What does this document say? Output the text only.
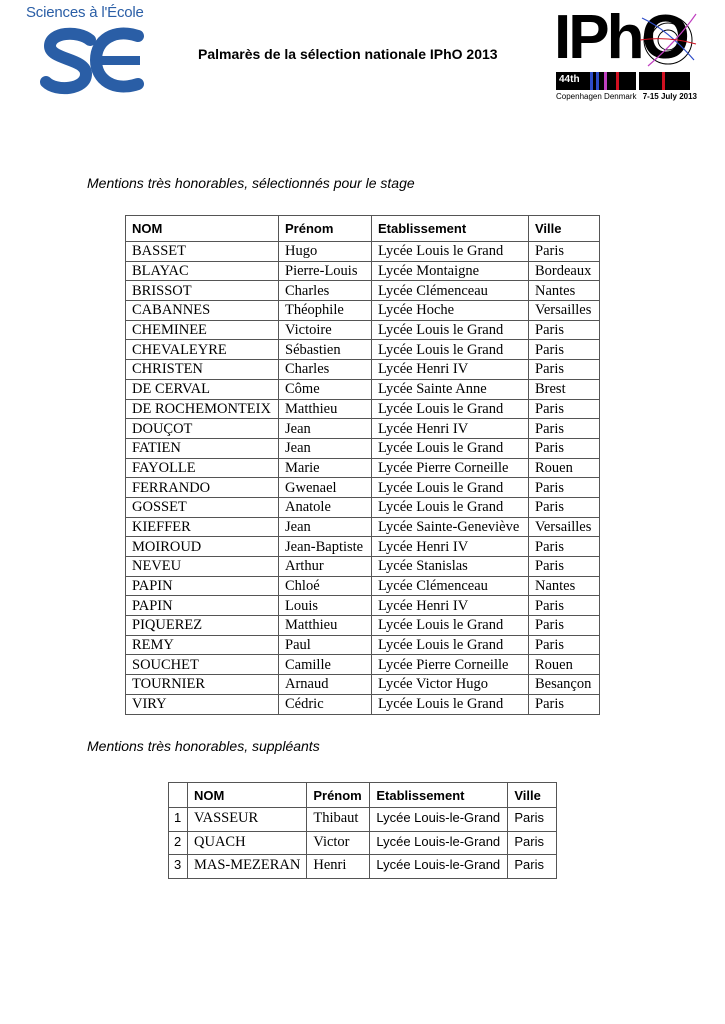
Sciences à l'École
Palmarès de la sélection nationale IPhO 2013 IPhO
44th
Copenhagen Denmark 7-15 July 2013
Mentions très honorables, sélectionnés pour le stage
NOM	Prénom	Etablissement	Ville
BASSET	Hugo	Lycée Louis le Grand	Paris
BLAYAC	Pierre-Louis	Lycée Montaigne	Bordeaux
BRISSOT	Charles	Lycée Clémenceau	Nantes
CABANNES	Théophile	Lycée Hoche	Versailles
CHEMINEE	Victoire	Lycée Louis le Grand	Paris
CHEVALEYRE	Sébastien	Lycée Louis le Grand	Paris
CHRISTEN	Charles	Lycée Henri IV	Paris
DE CERVAL	Côme	Lycée Sainte Anne	Brest
DE ROCHEMONTEIX	Matthieu	Lycée Louis le Grand	Paris
DOUÇOT	Jean	Lycée Henri IV	Paris
FATIEN	Jean	Lycée Louis le Grand	Paris
FAYOLLE	Marie	Lycée Pierre Corneille	Rouen
FERRANDO	Gwenael	Lycée Louis le Grand	Paris
GOSSET	Anatole	Lycée Louis le Grand	Paris
KIEFFER	Jean	Lycée Sainte-Geneviève	Versailles
MOIROUD	Jean-Baptiste	Lycée Henri IV	Paris
NEVEU	Arthur	Lycée Stanislas	Paris
PAPIN	Chloé	Lycée Clémenceau	Nantes
PAPIN	Louis	Lycée Henri IV	Paris
PIQUEREZ	Matthieu	Lycée Louis le Grand	Paris
REMY	Paul	Lycée Louis le Grand	Paris
SOUCHET	Camille	Lycée Pierre Corneille	Rouen
TOURNIER	Arnaud	Lycée Victor Hugo	Besançon
VIRY	Cédric	Lycée Louis le Grand	Paris
Mentions très honorables, suppléants
	NOM	Prénom	Etablissement	Ville
1	VASSEUR	Thibaut	Lycée Louis-le-Grand	Paris
2	QUACH	Victor	Lycée Louis-le-Grand	Paris
3	MAS-MEZERAN	Henri	Lycée Louis-le-Grand	Paris
